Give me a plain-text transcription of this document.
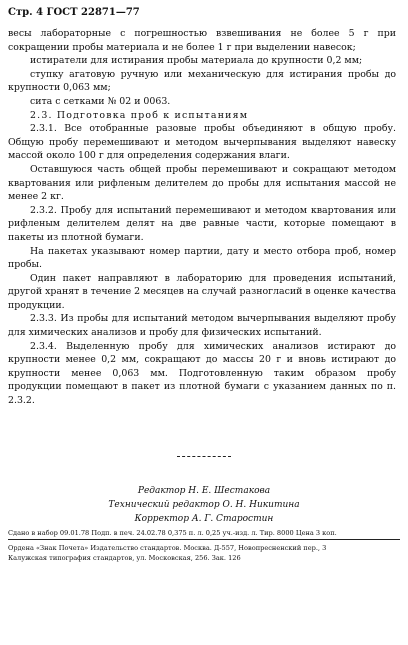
Стр. 4 ГОСТ 22871—77

весы лабораторные с погрешностью взвешивания не более 5 г при сокращении пробы материала и не более 1 г при выделении навесок;

истиратели для истирания пробы материала до крупности 0,2 мм;

ступку агатовую ручную или механическую для истирания пробы до крупности 0,063 мм;

сита с сетками № 02 и 0063.

2.3. Подготовка проб к испытаниям

2.3.1. Все отобранные разовые пробы объединяют в общую пробу. Общую пробу перемешивают и методом вычерпывания выделяют навеску массой около 100 г для определения содержания влаги.

Оставшуюся часть общей пробы перемешивают и сокращают методом квартования или рифленым делителем до пробы для испытания массой не менее 2 кг.

2.3.2. Пробу для испытаний перемешивают и методом квартования или рифленым делителем делят на две равные части, которые помещают в пакеты из плотной бумаги.

На пакетах указывают номер партии, дату и место отбора проб, номер пробы.

Один пакет направляют в лабораторию для проведения испытаний, другой хранят в течение 2 месяцев на случай разногласий в оценке качества продукции.

2.3.3. Из пробы для испытаний методом вычерпывания выделяют пробу для химических анализов и пробу для физических испытаний.

2.3.4. Выделенную пробу для химических анализов истирают до крупности менее 0,2 мм, сокращают до массы 20 г и вновь истирают до крупности менее 0,063 мм. Подготовленную таким образом пробу продукции помещают в пакет из плотной бумаги с указанием данных по п. 2.3.2.

Редактор Н. Е. Шестакова
Технический редактор О. Н. Никитина
Корректор А. Г. Старостин
Сдано в набор 09.01.78 Подп. в печ. 24.02.78 0,375 п. л. 0,25 уч.-изд. л. Тир. 8000 Цена 3 коп.
Ордена «Знак Почета» Издательство стандартов. Москва. Д-557, Новопресненский пер., 3
Калужская типография стандартов, ул. Московская, 256. Зак. 126
